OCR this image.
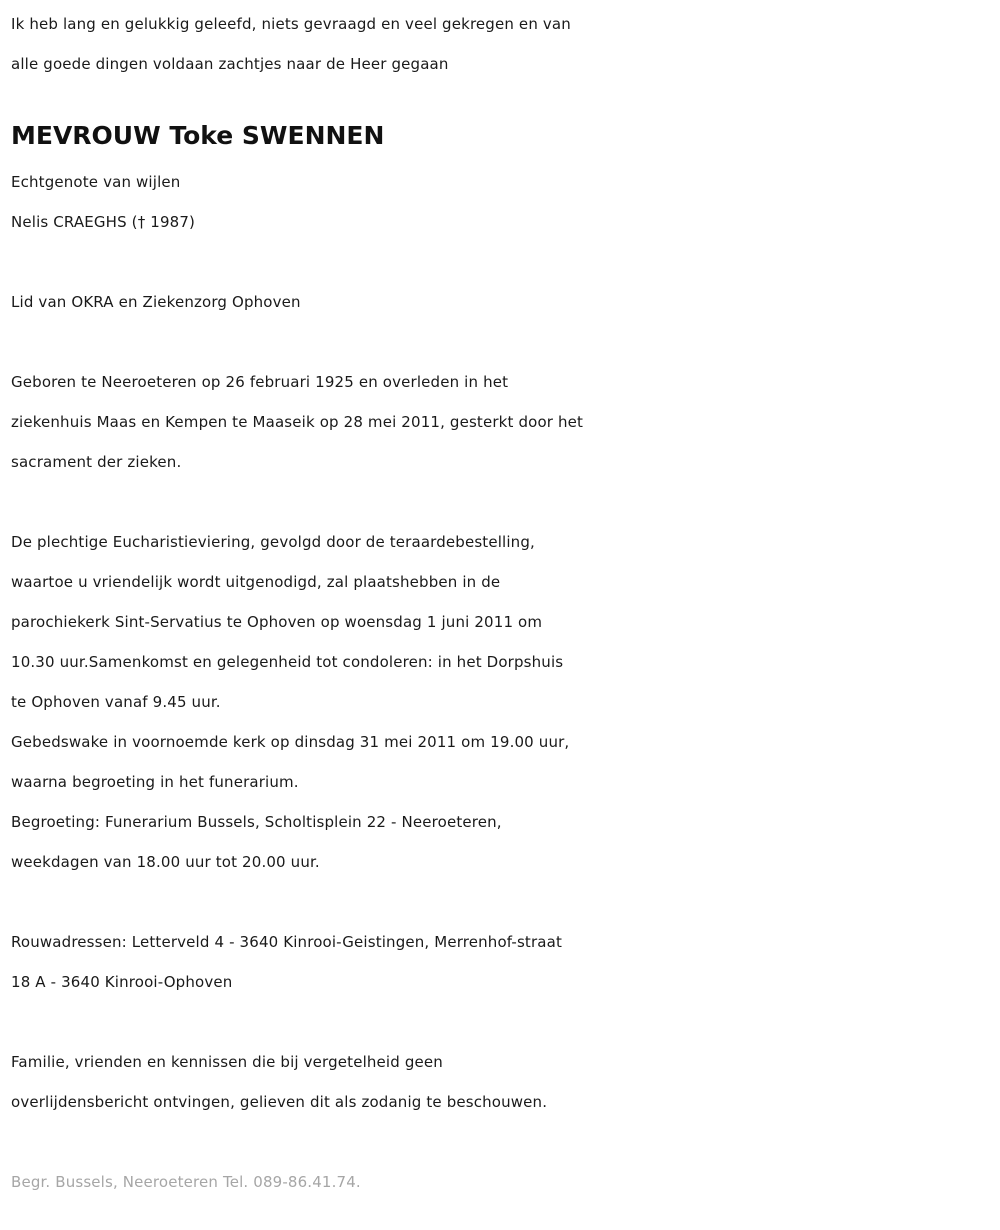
Ik heb lang en gelukkig geleefd, niets gevraagd en veel gekregen en van
alle goede dingen voldaan zachtjes naar de Heer gegaan
MEVROUW Toke SWENNEN
Echtgenote van wijlen
Nelis CRAEGHS († 1987)
Lid van OKRA en Ziekenzorg Ophoven
Geboren te Neeroeteren op 26 februari 1925 en overleden in het
ziekenhuis Maas en Kempen te Maaseik op 28 mei 2011, gesterkt door het
sacrament der zieken.
De plechtige Eucharistieviering, gevolgd door de teraardebestelling,
waartoe u vriendelijk wordt uitgenodigd, zal plaatshebben in de
parochiekerk Sint-Servatius te Ophoven op woensdag 1 juni 2011 om
10.30 uur.Samenkomst en gelegenheid tot condoleren: in het Dorpshuis
te Ophoven vanaf 9.45 uur.
Gebedswake in voornoemde kerk op dinsdag 31 mei 2011 om 19.00 uur,
waarna begroeting in het funerarium.
Begroeting: Funerarium Bussels, Scholtisplein 22 - Neeroeteren,
weekdagen van 18.00 uur tot 20.00 uur.
Rouwadressen: Letterveld 4 - 3640 Kinrooi-Geistingen, Merrenhof-straat
18 A - 3640 Kinrooi-Ophoven
Familie, vrienden en kennissen die bij vergetelheid geen
overlijdensbericht ontvingen, gelieven dit als zodanig te beschouwen.
Begr. Bussels, Neeroeteren Tel. 089-86.41.74.
